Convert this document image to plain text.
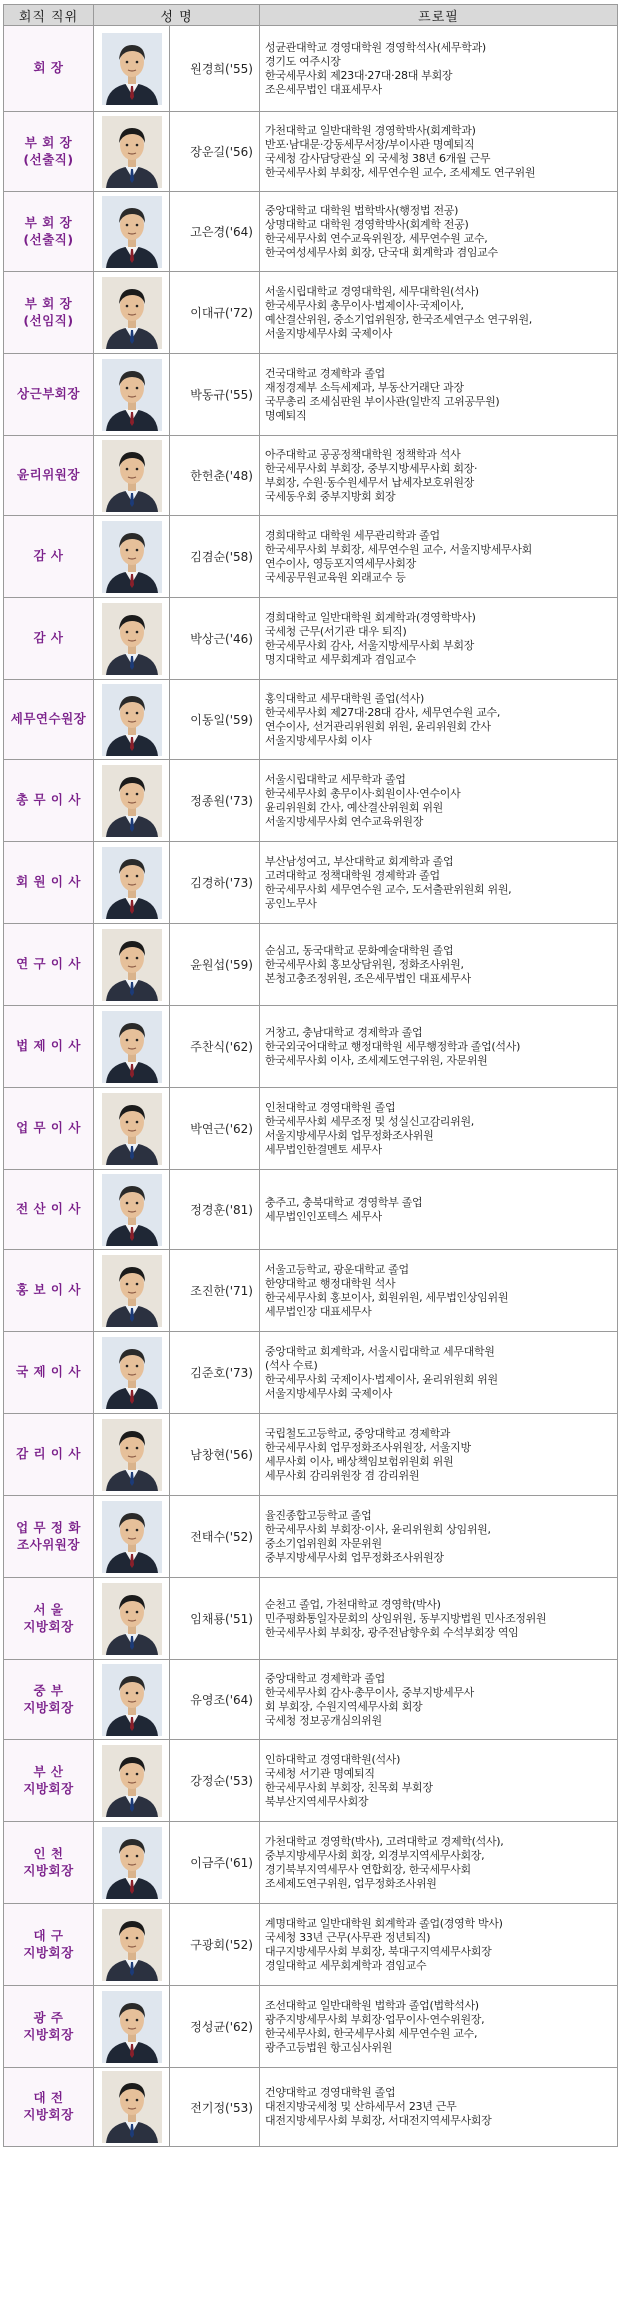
회직 직위	성 명		프로필

회 장		원경희('55)	성균관대학교 경영대학원 경영학석사(세무학과)
경기도 여주시장
한국세무사회 제23대·27대·28대 부회장
조은세무법인 대표세무사

부 회 장
(선출직)		장운길('56)	가천대학교 일반대학원 경영학박사(회계학과)
반포·남대문·강동세무서장/부이사관 명예퇴직
국세청 감사담당관실 외 국세청 38년 6개월 근무
한국세무사회 부회장, 세무연수원 교수, 조세제도 연구위원

부 회 장
(선출직)		고은경('64)	중앙대학교 대학원 법학박사(행정법 전공)
상명대학교 대학원 경영학박사(회계학 전공)
한국세무사회 연수교육위원장, 세무연수원 교수,
한국여성세무사회 회장, 단국대 회계학과 겸임교수

부 회 장
(선임직)		이대규('72)	서울시립대학교 경영대학원, 세무대학원(석사)
한국세무사회 총무이사·법제이사·국제이사,
예산결산위원, 중소기업위원장, 한국조세연구소 연구위원,
서울지방세무사회 국제이사

상근부회장		박동규('55)	건국대학교 경제학과 졸업
재정경제부 소득세제과, 부동산거래단 과장
국무총리 조세심판원 부이사관(일반직 고위공무원)
명예퇴직

윤리위원장		한헌춘('48)	아주대학교 공공정책대학원 정책학과 석사
한국세무사회 부회장, 중부지방세무사회 회장·
부회장, 수원·동수원세무서 납세자보호위원장
국세동우회 중부지방회 회장

감 사		김겸순('58)	경희대학교 대학원 세무관리학과 졸업
한국세무사회 부회장, 세무연수원 교수, 서울지방세무사회
연수이사, 영등포지역세무사회장
국세공무원교육원 외래교수 등

감 사		박상근('46)	경희대학교 일반대학원 회계학과(경영학박사)
국세청 근무(서기관 대우 퇴직)
한국세무사회 감사, 서울지방세무사회 부회장
명지대학교 세무회계과 겸임교수

세무연수원장		이동일('59)	홍익대학교 세무대학원 졸업(석사)
한국세무사회 제27대·28대 감사, 세무연수원 교수,
연수이사, 선거관리위원회 위원, 윤리위원회 간사
서울지방세무사회 이사

총 무 이 사		정종원('73)	서울시립대학교 세무학과 졸업
한국세무사회 총무이사·회원이사·연수이사
윤리위원회 간사, 예산결산위원회 위원
서울지방세무사회 연수교육위원장

회 원 이 사		김경하('73)	부산남성여고, 부산대학교 회계학과 졸업
고려대학교 정책대학원 경제학과 졸업
한국세무사회 세무연수원 교수, 도서출판위원회 위원,
공인노무사

연 구 이 사		윤원섭('59)	순심고, 동국대학교 문화예술대학원 졸업
한국세무사회 홍보상담위원, 정화조사위원,
본청고충조정위원, 조은세무법인 대표세무사

법 제 이 사		주찬식('62)	거창고, 충남대학교 경제학과 졸업
한국외국어대학교 행정대학원 세무행정학과 졸업(석사)
한국세무사회 이사, 조세제도연구위원, 자문위원

업 무 이 사		박연근('62)	인천대학교 경영대학원 졸업
한국세무사회 세무조정 및 성실신고감리위원,
서울지방세무사회 업무정화조사위원
세무법인한결멘토 세무사

전 산 이 사		정경훈('81)	충주고, 충북대학교 경영학부 졸업
세무법인인포텍스 세무사

홍 보 이 사		조진한('71)	서울고등학교, 광운대학교 졸업
한양대학교 행정대학원 석사
한국세무사회 홍보이사, 회원위원, 세무법인상임위원
세무법인장 대표세무사

국 제 이 사		김준호('73)	중앙대학교 회계학과, 서울시립대학교 세무대학원
(석사 수료)
한국세무사회 국제이사·법제이사, 윤리위원회 위원
서울지방세무사회 국제이사

감 리 이 사		남창현('56)	국립철도고등학교, 중앙대학교 경제학과
한국세무사회 업무정화조사위원장, 서울지방
세무사회 이사, 배상책임보험위원회 위원
세무사회 감리위원장 겸 감리위원

업 무 정 화
조사위원장		전태수('52)	율진종합고등학교 졸업
한국세무사회 부회장·이사, 윤리위원회 상임위원,
중소기업위원회 자문위원
중부지방세무사회 업무정화조사위원장

서 울
지방회장		임채룡('51)	순천고 졸업, 가천대학교 경영학(박사)
민주평화통일자문회의 상임위원, 동부지방법원 민사조정위원
한국세무사회 부회장, 광주전남향우회 수석부회장 역임

중 부
지방회장		유영조('64)	중앙대학교 경제학과 졸업
한국세무사회 감사·총무이사, 중부지방세무사
회 부회장, 수원지역세무사회 회장
국세청 정보공개심의위원

부 산
지방회장		강정순('53)	인하대학교 경영대학원(석사)
국세청 서기관 명예퇴직
한국세무사회 부회장, 친목회 부회장
북부산지역세무사회장

인 천
지방회장		이금주('61)	가천대학교 경영학(박사), 고려대학교 경제학(석사),
중부지방세무사회 회장, 외경부지역세무사회장,
경기북부지역세무사 연합회장, 한국세무사회
조세제도연구위원, 업무정화조사위원

대 구
지방회장		구광회('52)	계명대학교 일반대학원 회계학과 졸업(경영학 박사)
국세청 33년 근무(사무관 정년퇴직)
대구지방세무사회 부회장, 북대구지역세무사회장
경일대학교 세무회계학과 겸임교수

광 주
지방회장		정성균('62)	조선대학교 일반대학원 법학과 졸업(법학석사)
광주지방세무사회 부회장·업무이사·연수위원장,
한국세무사회, 한국세무사회 세무연수원 교수,
광주고등법원 항고심사위원

대 전
지방회장		전기정('53)	건양대학교 경영대학원 졸업
대전지방국세청 및 산하세무서 23년 근무
대전지방세무사회 부회장, 서대전지역세무사회장
